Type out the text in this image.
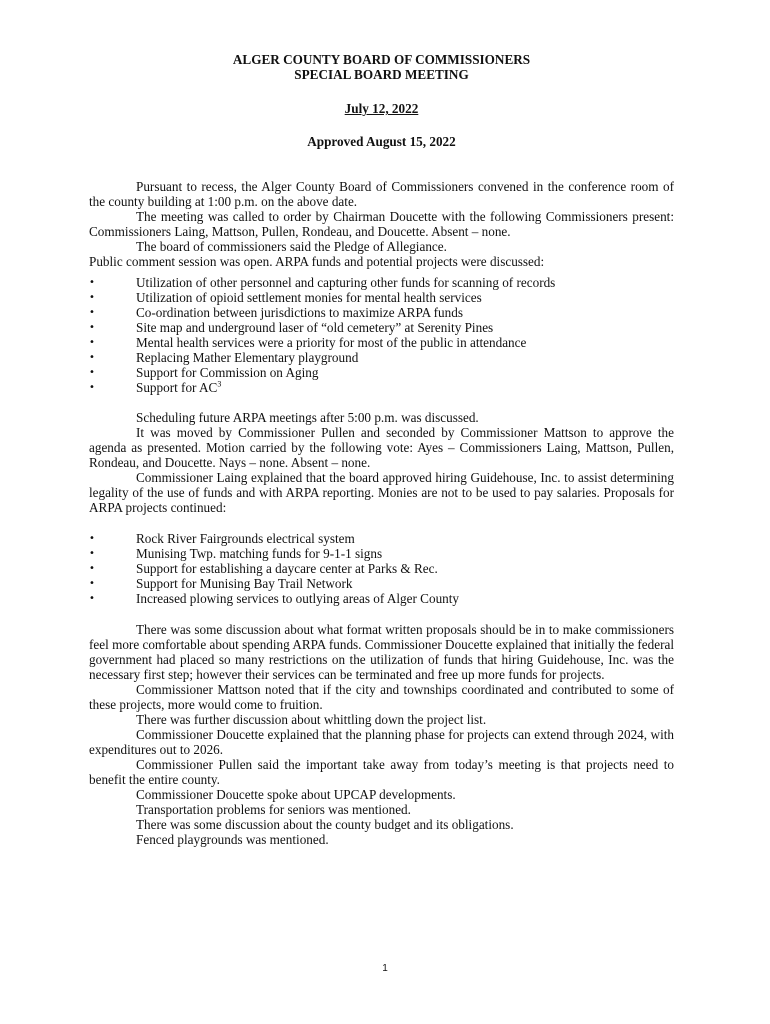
ALGER COUNTY BOARD OF COMMISSIONERS
SPECIAL BOARD MEETING
July 12, 2022
Approved August 15, 2022

Pursuant to recess, the Alger County Board of Commissioners convened in the conference room of the county building at 1:00 p.m. on the above date.

The meeting was called to order by Chairman Doucette with the following Commissioners present: Commissioners Laing, Mattson, Pullen, Rondeau, and Doucette. Absent – none.

The board of commissioners said the Pledge of Allegiance.

Public comment session was open. ARPA funds and potential projects were discussed:

•	Utilization of other personnel and capturing other funds for scanning of records
•	Utilization of opioid settlement monies for mental health services
•	Co-ordination between jurisdictions to maximize ARPA funds
•	Site map and underground laser of “old cemetery” at Serenity Pines
•	Mental health services were a priority for most of the public in attendance
•	Replacing Mather Elementary playground
•	Support for Commission on Aging
•	Support for $AC^3$

Scheduling future ARPA meetings after 5:00 p.m. was discussed.

It was moved by Commissioner Pullen and seconded by Commissioner Mattson to approve the agenda as presented. Motion carried by the following vote: Ayes – Commissioners Laing, Mattson, Pullen, Rondeau, and Doucette. Nays – none. Absent – none.

Commissioner Laing explained that the board approved hiring Guidehouse, Inc. to assist determining legality of the use of funds and with ARPA reporting. Monies are not to be used to pay salaries. Proposals for ARPA projects continued:

•	Rock River Fairgrounds electrical system
•	Munising Twp. matching funds for 9-1-1 signs
•	Support for establishing a daycare center at Parks & Rec.
•	Support for Munising Bay Trail Network
•	Increased plowing services to outlying areas of Alger County

There was some discussion about what format written proposals should be in to make commissioners feel more comfortable about spending ARPA funds. Commissioner Doucette explained that initially the federal government had placed so many restrictions on the utilization of funds that hiring Guidehouse, Inc. was the necessary first step; however their services can be terminated and free up more funds for projects.

Commissioner Mattson noted that if the city and townships coordinated and contributed to some of these projects, more would come to fruition.

There was further discussion about whittling down the project list.

Commissioner Doucette explained that the planning phase for projects can extend through 2024, with expenditures out to 2026.

Commissioner Pullen said the important take away from today’s meeting is that projects need to benefit the entire county.

Commissioner Doucette spoke about UPCAP developments.

Transportation problems for seniors was mentioned.

There was some discussion about the county budget and its obligations.

Fenced playgrounds was mentioned.

1
